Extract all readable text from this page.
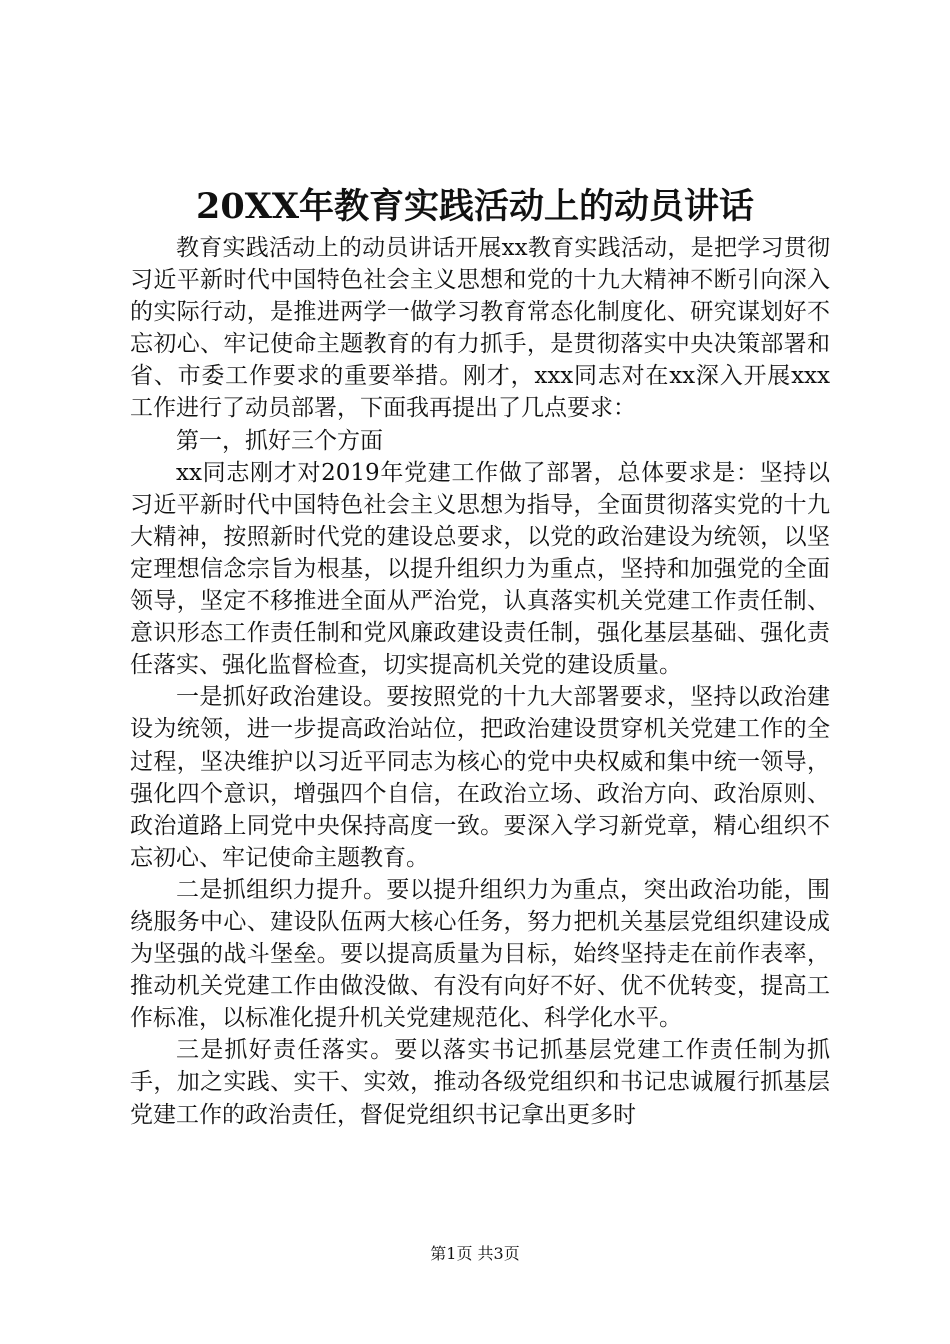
20XX年教育实践活动上的动员讲话

教育实践活动上的动员讲话开展xx教育实践活动，是把学习贯彻习近平新时代中国特色社会主义思想和党的十九大精神不断引向深入的实际行动，是推进两学一做学习教育常态化制度化、研究谋划好不忘初心、牢记使命主题教育的有力抓手，是贯彻落实中央决策部署和省、市委工作要求的重要举措。刚才，xxx同志对在xx深入开展xxx工作进行了动员部署，下面我再提出了几点要求：

第一，抓好三个方面

xx同志刚才对2019年党建工作做了部署，总体要求是：坚持以习近平新时代中国特色社会主义思想为指导，全面贯彻落实党的十九大精神，按照新时代党的建设总要求，以党的政治建设为统领，以坚定理想信念宗旨为根基，以提升组织力为重点，坚持和加强党的全面领导，坚定不移推进全面从严治党，认真落实机关党建工作责任制、意识形态工作责任制和党风廉政建设责任制，强化基层基础、强化责任落实、强化监督检查，切实提高机关党的建设质量。

一是抓好政治建设。要按照党的十九大部署要求，坚持以政治建设为统领，进一步提高政治站位，把政治建设贯穿机关党建工作的全过程，坚决维护以习近平同志为核心的党中央权威和集中统一领导，强化四个意识，增强四个自信，在政治立场、政治方向、政治原则、政治道路上同党中央保持高度一致。要深入学习新党章，精心组织不忘初心、牢记使命主题教育。

二是抓组织力提升。要以提升组织力为重点，突出政治功能，围绕服务中心、建设队伍两大核心任务，努力把机关基层党组织建设成为坚强的战斗堡垒。要以提高质量为目标，始终坚持走在前作表率，推动机关党建工作由做没做、有没有向好不好、优不优转变，提高工作标准，以标准化提升机关党建规范化、科学化水平。

三是抓好责任落实。要以落实书记抓基层党建工作责任制为抓手，加之实践、实干、实效，推动各级党组织和书记忠诚履行抓基层党建工作的政治责任，督促党组织书记拿出更多时

第1页 共3页
